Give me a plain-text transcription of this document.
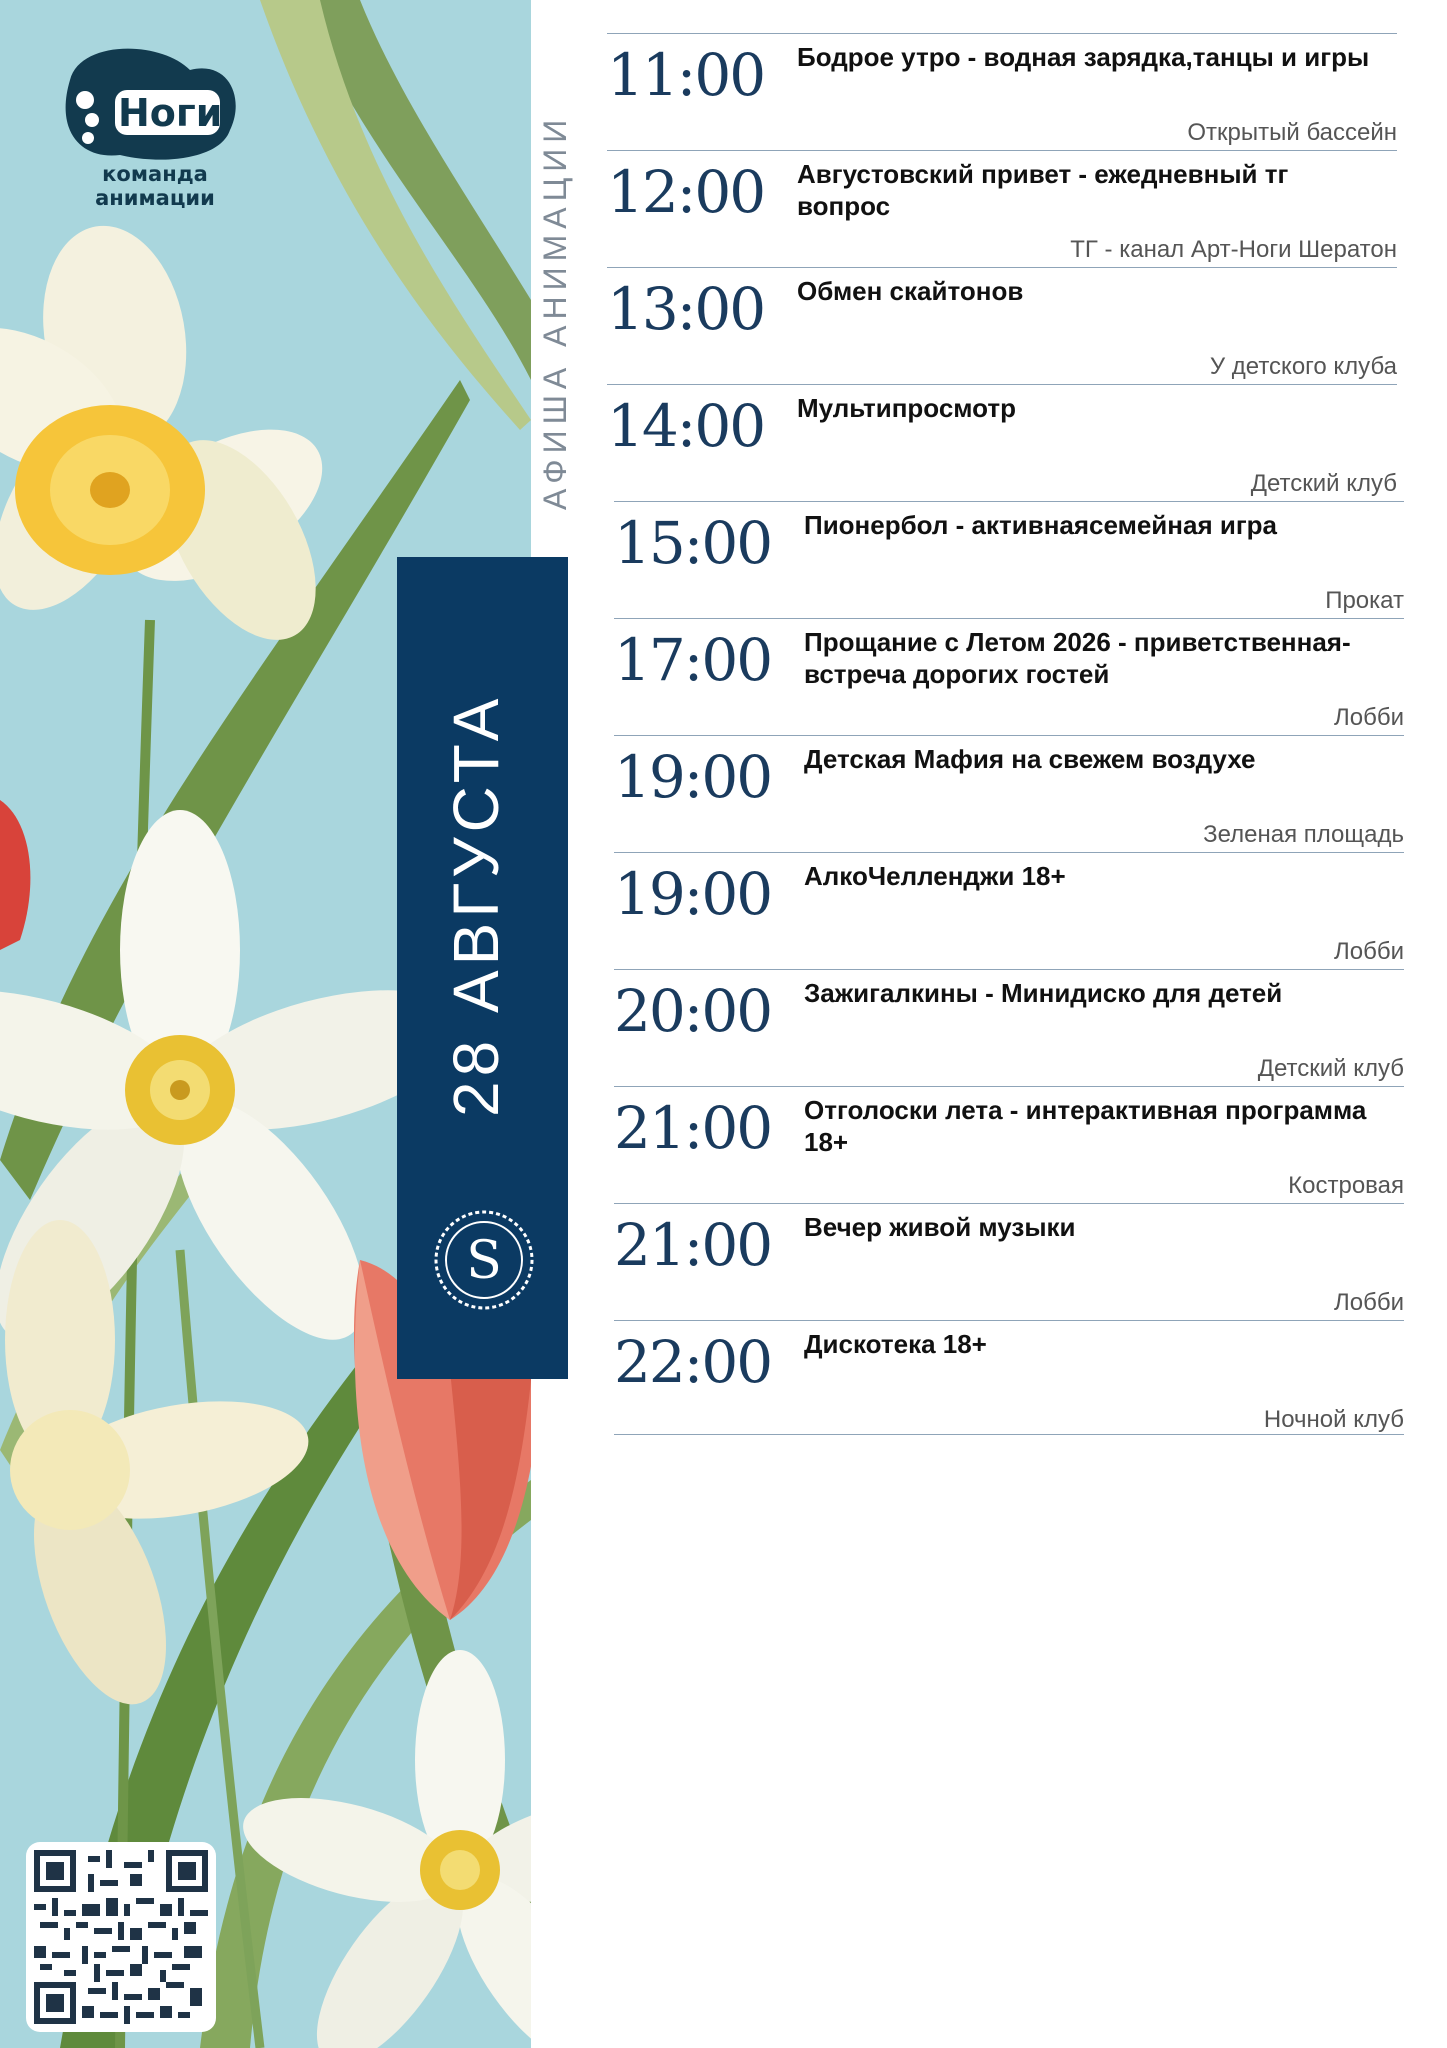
Ноги
команда анимации	АФИША АНИМАЦИИ
28 АВГУСТА
S
11:00 Бодрое утро - водная зарядка,танцы и игры
Открытый бассейн
12:00 Августовский привет - ежедневный тг вопрос
ТГ - канал Арт-Ноги Шератон
13:00 Обмен скайтонов
У детского клуба
14:00 Мультипросмотр
Детский клуб
15:00 Пионербол - активнаясемейная игра
Прокат
17:00 Прощание с Летом 2026 - приветственная-встреча дорогих гостей
Лобби
19:00 Детская Мафия на свежем воздухе
Зеленая площадь
19:00 АлкоЧелленджи 18+
Лобби
20:00 Зажигалкины - Минидиско для детей
Детский клуб
21:00 Отголоски лета - интерактивная программа 18+
Костровая
21:00 Вечер живой музыки
Лобби
22:00 Дискотека 18+
Ночной клуб
